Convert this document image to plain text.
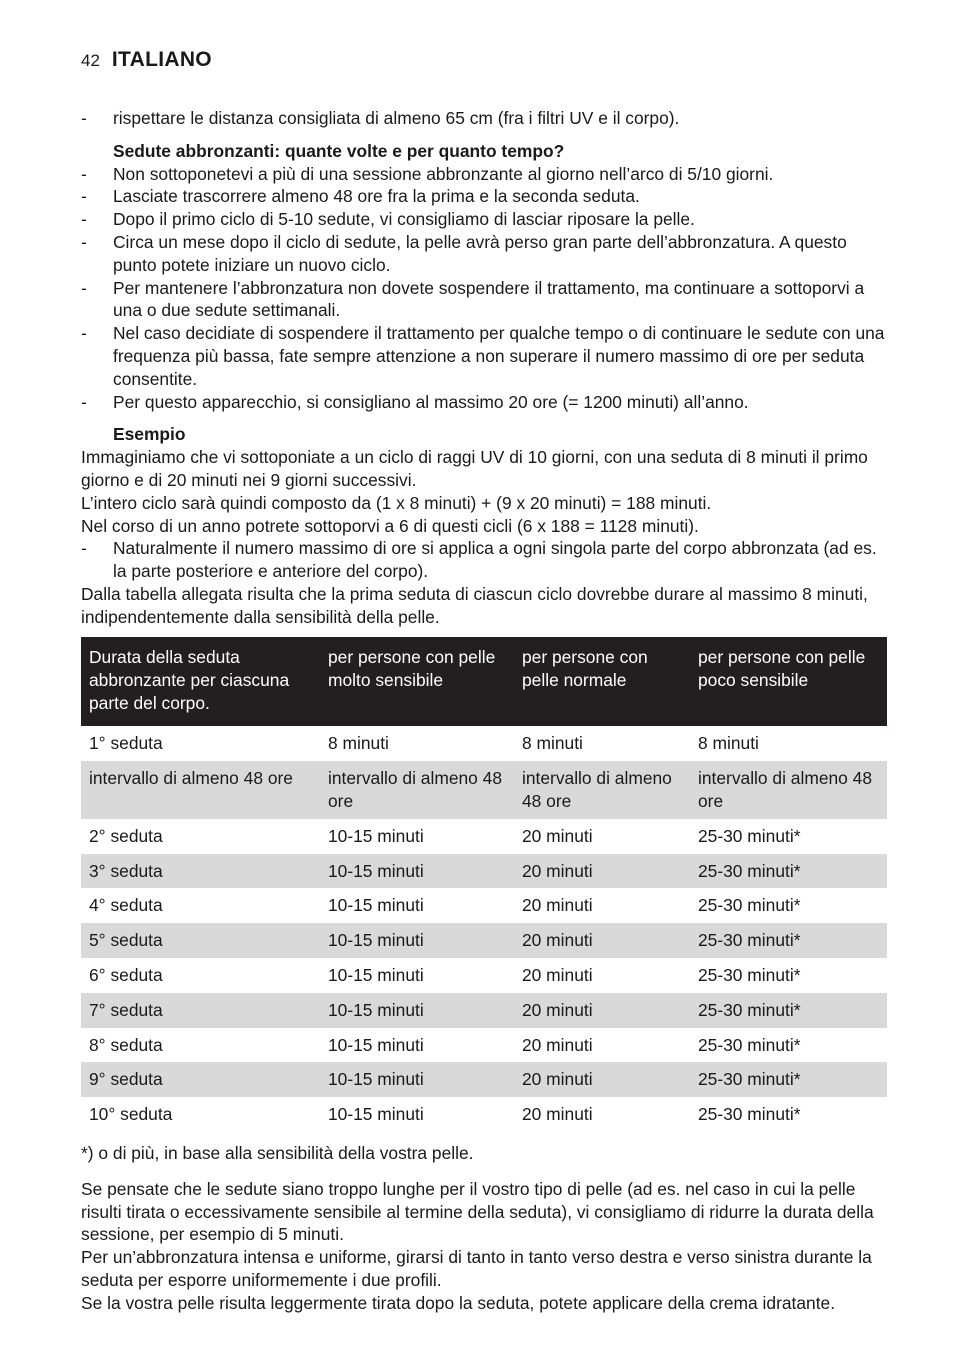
42 ITALIANO
-	rispettare le distanza consigliata di almeno 65 cm (fra i filtri UV e il corpo).
Sedute abbronzanti: quante volte e per quanto tempo?
-	Non sottoponetevi a più di una sessione abbronzante al giorno nell’arco di 5/10 giorni.
-	Lasciate trascorrere almeno 48 ore fra la prima e la seconda seduta.
-	Dopo il primo ciclo di 5-10 sedute, vi consigliamo di lasciar riposare la pelle.
-	Circa un mese dopo il ciclo di sedute, la pelle avrà perso gran parte dell’abbronzatura. A questo punto potete iniziare un nuovo ciclo.
-	Per mantenere l’abbronzatura non dovete sospendere il trattamento, ma continuare a sottoporvi a una o due sedute settimanali.
-	Nel caso decidiate di sospendere il trattamento per qualche tempo o di continuare le sedute con una frequenza più bassa, fate sempre attenzione a non superare il numero massimo di ore per seduta consentite.
-	Per questo apparecchio, si consigliano al massimo 20 ore (= 1200 minuti) all’anno.
Esempio
Immaginiamo che vi sottoponiate a un ciclo di raggi UV di 10 giorni, con una seduta di 8 minuti il primo giorno e di 20 minuti nei 9 giorni successivi.
L’intero ciclo sarà quindi composto da (1 x 8 minuti) + (9 x 20 minuti) = 188 minuti.
Nel corso di un anno potrete sottoporvi a 6 di questi cicli (6 x 188 = 1128 minuti).
-	Naturalmente il numero massimo di ore si applica a ogni singola parte del corpo abbronzata (ad es. la parte posteriore e anteriore del corpo).
Dalla tabella allegata risulta che la prima seduta di ciascun ciclo dovrebbe durare al massimo 8 minuti, indipendentemente dalla sensibilità della pelle.
Durata della seduta abbronzante per ciascuna parte del corpo.	per persone con pelle molto sensibile	per persone con pelle normale	per persone con pelle poco sensibile
1° seduta	8 minuti	8 minuti	8 minuti
intervallo di almeno 48 ore	intervallo di almeno 48 ore	intervallo di almeno 48 ore	intervallo di almeno 48 ore
2° seduta	10-15 minuti	20 minuti	25-30 minuti*
3° seduta	10-15 minuti	20 minuti	25-30 minuti*
4° seduta	10-15 minuti	20 minuti	25-30 minuti*
5° seduta	10-15 minuti	20 minuti	25-30 minuti*
6° seduta	10-15 minuti	20 minuti	25-30 minuti*
7° seduta	10-15 minuti	20 minuti	25-30 minuti*
8° seduta	10-15 minuti	20 minuti	25-30 minuti*
9° seduta	10-15 minuti	20 minuti	25-30 minuti*
10° seduta	10-15 minuti	20 minuti	25-30 minuti*
*) o di più, in base alla sensibilità della vostra pelle.
Se pensate che le sedute siano troppo lunghe per il vostro tipo di pelle (ad es. nel caso in cui la pelle risulti tirata o eccessivamente sensibile al termine della seduta), vi consigliamo di ridurre la durata della sessione, per esempio di 5 minuti.
Per un’abbronzatura intensa e uniforme, girarsi di tanto in tanto verso destra e verso sinistra durante la seduta per esporre uniformemente i due profili.
Se la vostra pelle risulta leggermente tirata dopo la seduta, potete applicare della crema idratante.
